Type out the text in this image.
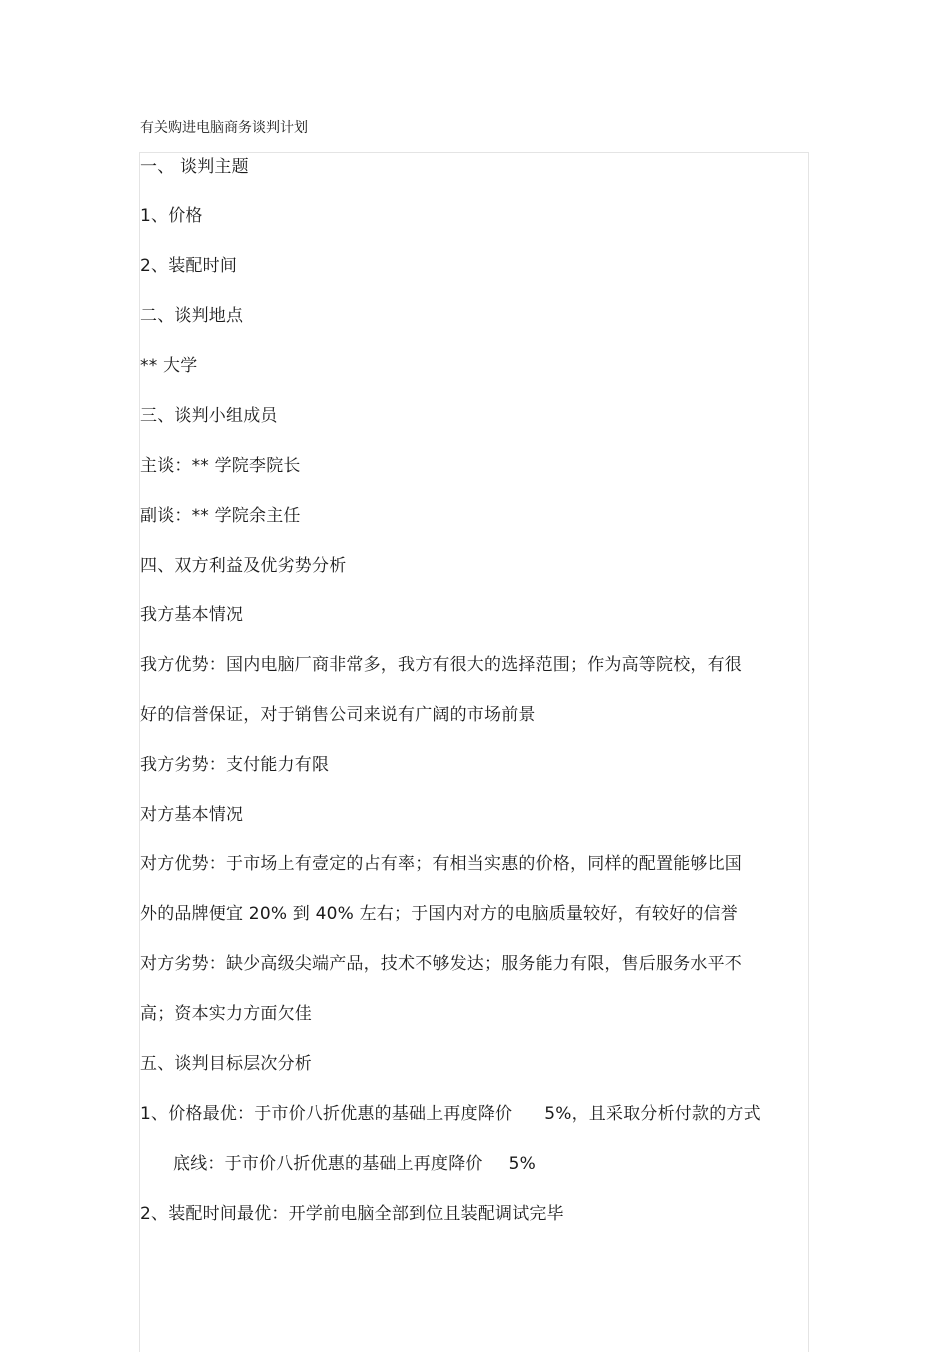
有关购进电脑商务谈判计划
一、 谈判主题
1、价格
2、装配时间
二、谈判地点
** 大学
三、谈判小组成员
主谈：** 学院李院长
副谈：** 学院余主任
四、双方利益及优劣势分析
我方基本情况
我方优势：国内电脑厂商非常多，我方有很大的选择范围；作为高等院校，有很
好的信誉保证，对于销售公司来说有广阔的市场前景
我方劣势：支付能力有限
对方基本情况
对方优势：于市场上有壹定的占有率；有相当实惠的价格，同样的配置能够比国
外的品牌便宜 20% 到 40% 左右；于国内对方的电脑质量较好，有较好的信誉
对方劣势：缺少高级尖端产品，技术不够发达；服务能力有限，售后服务水平不
高；资本实力方面欠佳
五、谈判目标层次分析
1、价格最优：于市价八折优惠的基础上再度降价 5%，且采取分析付款的方式
底线：于市价八折优惠的基础上再度降价 5%
2、装配时间最优：开学前电脑全部到位且装配调试完毕
